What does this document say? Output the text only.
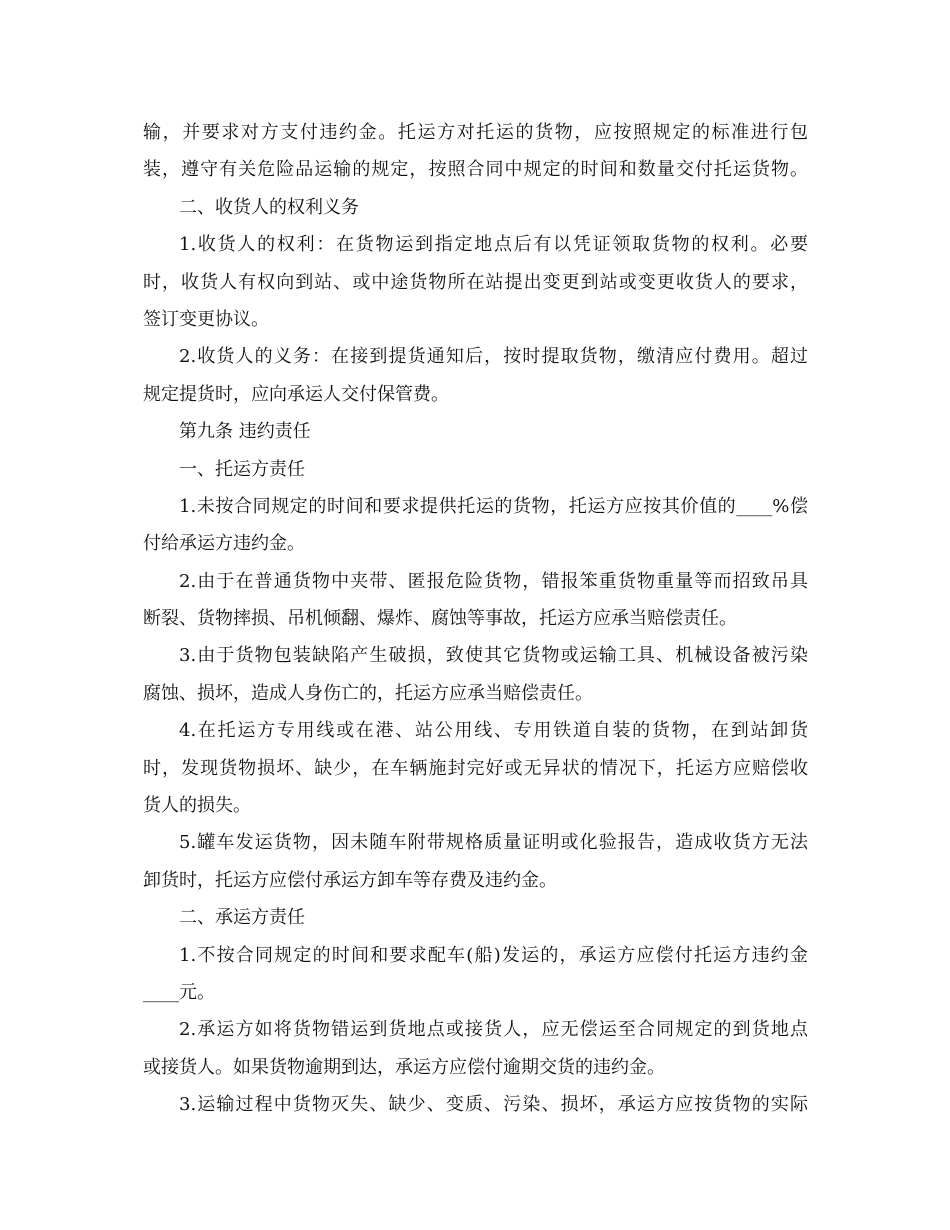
输，并要求对方支付违约金。托运方对托运的货物，应按照规定的标准进行包
装，遵守有关危险品运输的规定，按照合同中规定的时间和数量交付托运货物。
二、收货人的权利义务
1.收货人的权利：在货物运到指定地点后有以凭证领取货物的权利。必要
时，收货人有权向到站、或中途货物所在站提出变更到站或变更收货人的要求，
签订变更协议。
2.收货人的义务：在接到提货通知后，按时提取货物，缴清应付费用。超过
规定提货时，应向承运人交付保管费。
第九条 违约责任
一、托运方责任
1.未按合同规定的时间和要求提供托运的货物，托运方应按其价值的____%偿
付给承运方违约金。
2.由于在普通货物中夹带、匿报危险货物，错报笨重货物重量等而招致吊具
断裂、货物摔损、吊机倾翻、爆炸、腐蚀等事故，托运方应承当赔偿责任。
3.由于货物包装缺陷产生破损，致使其它货物或运输工具、机械设备被污染
腐蚀、损坏，造成人身伤亡的，托运方应承当赔偿责任。
4.在托运方专用线或在港、站公用线、专用铁道自装的货物，在到站卸货
时，发现货物损坏、缺少，在车辆施封完好或无异状的情况下，托运方应赔偿收
货人的损失。
5.罐车发运货物，因未随车附带规格质量证明或化验报告，造成收货方无法
卸货时，托运方应偿付承运方卸车等存费及违约金。
二、承运方责任
1.不按合同规定的时间和要求配车(船)发运的，承运方应偿付托运方违约金
____元。
2.承运方如将货物错运到货地点或接货人，应无偿运至合同规定的到货地点
或接货人。如果货物逾期到达，承运方应偿付逾期交货的违约金。
3.运输过程中货物灭失、缺少、变质、污染、损坏，承运方应按货物的实际
